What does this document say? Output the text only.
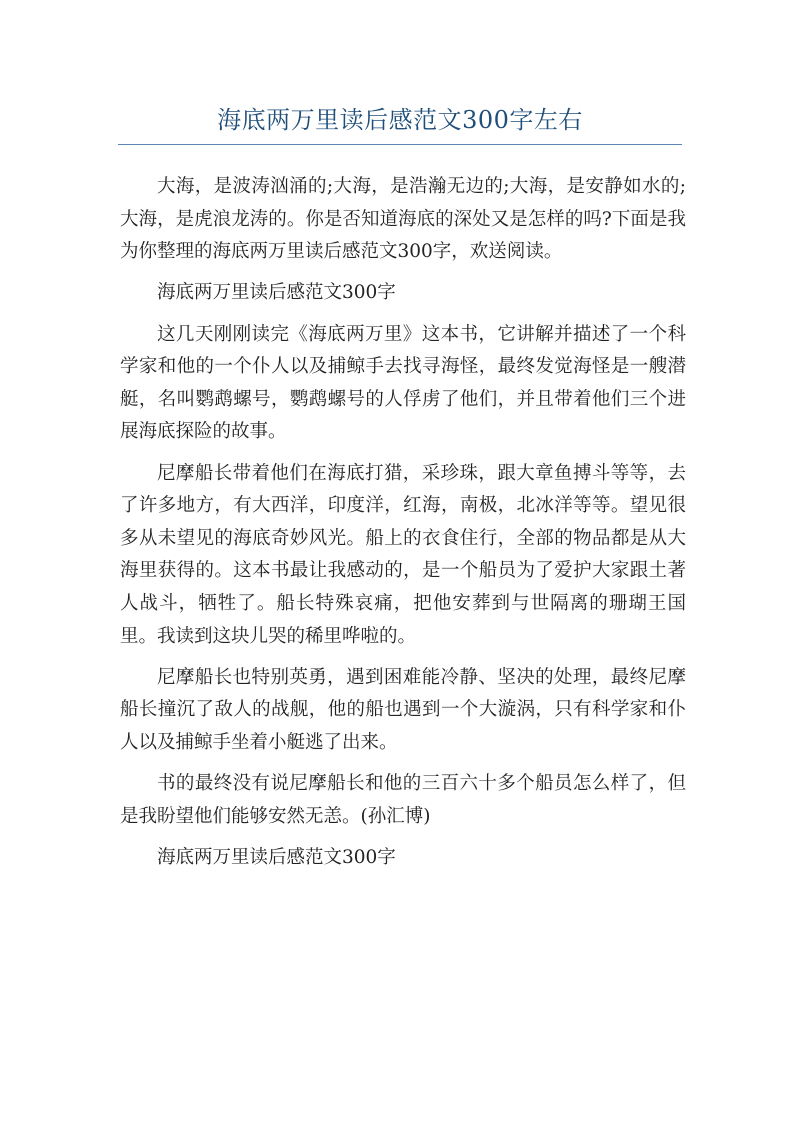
海底两万里读后感范文300字左右

大海，是波涛汹涌的;大海，是浩瀚无边的;大海，是安静如水的;大海，是虎浪龙涛的。你是否知道海底的深处又是怎样的吗?下面是我为你整理的海底两万里读后感范文300字，欢送阅读。

海底两万里读后感范文300字

这几天刚刚读完《海底两万里》这本书，它讲解并描述了一个科学家和他的一个仆人以及捕鲸手去找寻海怪，最终发觉海怪是一艘潜艇，名叫鹦鹉螺号，鹦鹉螺号的人俘虏了他们，并且带着他们三个进展海底探险的故事。

尼摩船长带着他们在海底打猎，采珍珠，跟大章鱼搏斗等等，去了许多地方，有大西洋，印度洋，红海，南极，北冰洋等等。望见很多从未望见的海底奇妙风光。船上的衣食住行，全部的物品都是从大海里获得的。这本书最让我感动的，是一个船员为了爱护大家跟土著人战斗，牺牲了。船长特殊哀痛，把他安葬到与世隔离的珊瑚王国里。我读到这块儿哭的稀里哗啦的。

尼摩船长也特别英勇，遇到困难能冷静、坚决的处理，最终尼摩船长撞沉了敌人的战舰，他的船也遇到一个大漩涡，只有科学家和仆人以及捕鲸手坐着小艇逃了出来。

书的最终没有说尼摩船长和他的三百六十多个船员怎么样了，但是我盼望他们能够安然无恙。(孙汇博)

海底两万里读后感范文300字
